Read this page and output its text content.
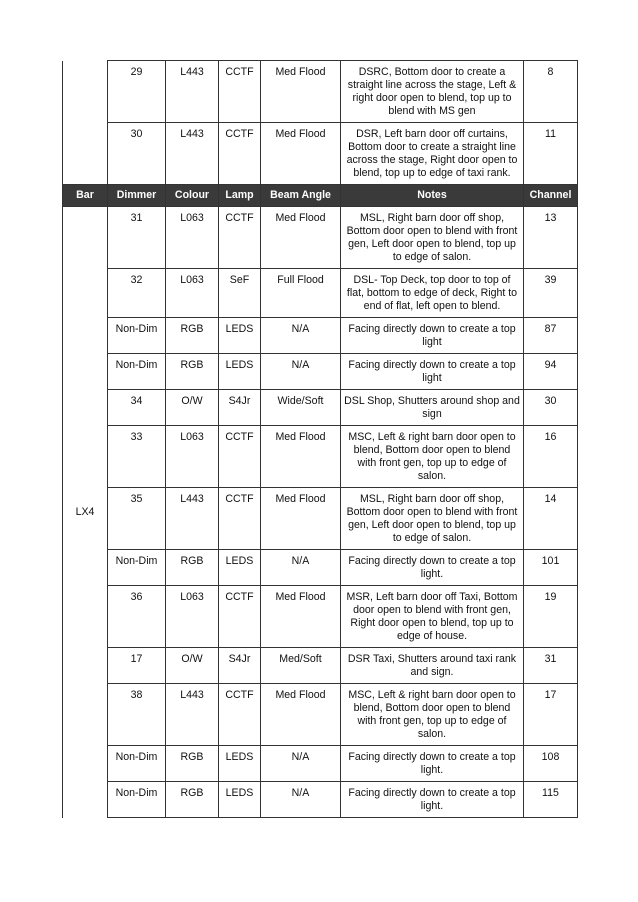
	29	L443	CCTF	Med Flood	DSRC, Bottom door to create a straight line across the stage, Left & right door open to blend, top up to blend with MS gen	8
	30	L443	CCTF	Med Flood	DSR, Left barn door off curtains, Bottom door to create a straight line across the stage, Right door open to blend, top up to edge of taxi rank.	11
Bar	Dimmer	Colour	Lamp	Beam Angle	Notes	Channel
LX4	31	L063	CCTF	Med Flood	MSL, Right barn door off shop, Bottom door open to blend with front gen, Left door open to blend, top up to edge of salon.	13
	32	L063	SeF	Full Flood	DSL- Top Deck, top door to top of flat, bottom to edge of deck, Right to end of flat, left open to blend.	39
	Non-Dim	RGB	LEDS	N/A	Facing directly down to create a top light	87
	Non-Dim	RGB	LEDS	N/A	Facing directly down to create a top light	94
	34	O/W	S4Jr	Wide/Soft	DSL Shop, Shutters around shop and sign	30
	33	L063	CCTF	Med Flood	MSC, Left & right barn door open to blend, Bottom door open to blend with front gen, top up to edge of salon.	16
	35	L443	CCTF	Med Flood	MSL, Right barn door off shop, Bottom door open to blend with front gen, Left door open to blend, top up to edge of salon.	14
	Non-Dim	RGB	LEDS	N/A	Facing directly down to create a top light.	101
	36	L063	CCTF	Med Flood	MSR, Left barn door off Taxi, Bottom door open to blend with front gen, Right door open to blend, top up to edge of house.	19
	17	O/W	S4Jr	Med/Soft	DSR Taxi, Shutters around taxi rank and sign.	31
	38	L443	CCTF	Med Flood	MSC, Left & right barn door open to blend, Bottom door open to blend with front gen, top up to edge of salon.	17
	Non-Dim	RGB	LEDS	N/A	Facing directly down to create a top light.	108
	Non-Dim	RGB	LEDS	N/A	Facing directly down to create a top light.	115
